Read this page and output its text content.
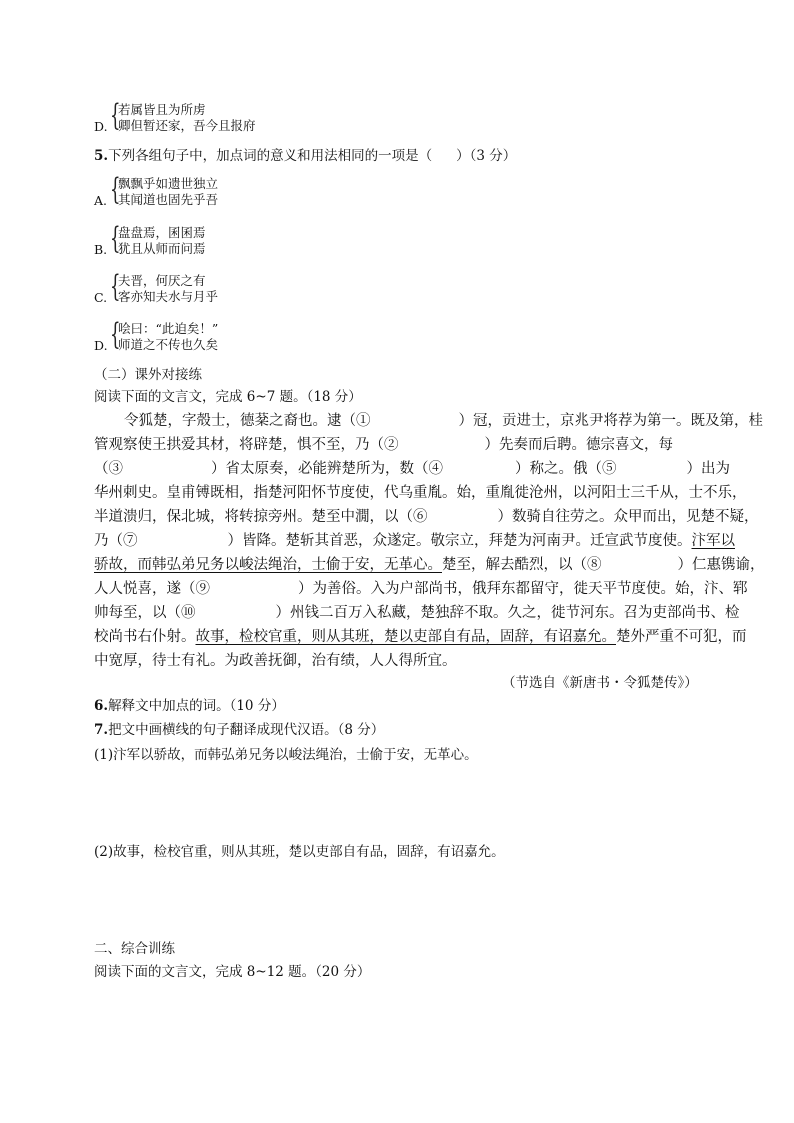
{
若属皆且为所虏
D. 卿但暂还家，吾今且报府
5.下列各组句子中，加点词的意义和用法相同的一项是（ ）（3 分）
{
飘飘乎如遗世独立
A. 其闻道也固先乎吾
{
盘盘焉，囷囷焉
B. 犹且从师而问焉
{
夫晋，何厌之有
C. 客亦知夫水与月乎
{
哙曰：“此迫矣！”
D. 师道之不传也久矣
（二）课外对接练
阅读下面的文言文，完成 6~7 题。（18 分）
令狐楚，字殼士，德棻之裔也。逮（①	）冠，贡进士，京兆尹将荐为第一。既及第，桂
管观察使王拱爱其材，将辟楚，惧不至，乃（②	）先奏而后聘。德宗喜文，每
（③	）省太原奏，必能辨楚所为，数（④	）称之。俄（⑤	）出为
华州刺史。皇甫镈既相，指楚河阳怀节度使，代乌重胤。始，重胤徙沧州，以河阳士三千从，士不乐，
半道溃归，保北城，将转掠旁州。楚至中㵎，以（⑥	）数骑自往劳之。众甲而出，见楚不疑，
乃（⑦	）皆降。楚斩其首恶，众遂定。敬宗立，拜楚为河南尹。迁宣武节度使。汴军以
骄故，而韩弘弟兄务以峻法绳治，士偷于安，无革心。楚至，解去酷烈，以（⑧	）仁惠镌谕，
人人悦喜，遂（⑨	）为善俗。入为户部尚书，俄拜东都留守，徙天平节度使。始，汴、郓
帅每至，以（⑩	）州钱二百万入私藏，楚独辞不取。久之，徙节河东。召为吏部尚书、检
校尚书右仆射。故事，检校官重，则从其班，楚以吏部自有品，固辞，有诏嘉允。楚外严重不可犯，而
中宽厚，待士有礼。为政善抚御，治有绩，人人得所宜。
（节选自《新唐书・令狐楚传》）
6.解释文中加点的词。（10 分）
7.把文中画横线的句子翻译成现代汉语。（8 分）
(1)汴军以骄故，而韩弘弟兄务以峻法绳治，士偷于安，无革心。
(2)故事，检校官重，则从其班，楚以吏部自有品，固辞，有诏嘉允。
二、综合训练
阅读下面的文言文，完成 8~12 题。（20 分）
